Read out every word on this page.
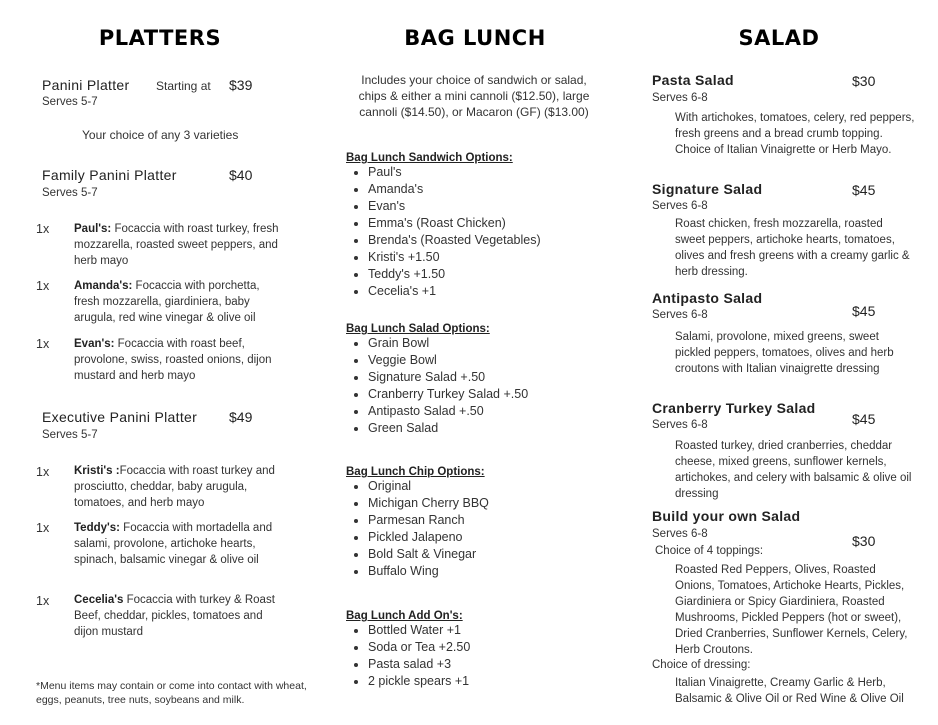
PLATTERS
Panini Platter Starting at $39
Serves 5-7
Your choice of any 3 varieties
Family Panini Platter	$40
Serves 5-7
1x Paul's: Focaccia with roast turkey, fresh mozzarella, roasted sweet peppers, and herb mayo
1x Amanda's: Focaccia with porchetta, fresh mozzarella, giardiniera, baby arugula, red wine vinegar & olive oil
1x Evan's: Focaccia with roast beef, provolone, swiss, roasted onions, dijon mustard and herb mayo
Executive Panini Platter $49
Serves 5-7
1x Kristi's :Focaccia with roast turkey and prosciutto, cheddar, baby arugula, tomatoes, and herb mayo
1x Teddy's: Focaccia with mortadella and salami, provolone, artichoke hearts, spinach, balsamic vinegar & olive oil
1x Cecelia's Focaccia with turkey & Roast Beef, cheddar, pickles, tomatoes and dijon mustard
*Menu items may contain or come into contact with wheat, eggs, peanuts, tree nuts, soybeans and milk.
BAG LUNCH
Includes your choice of sandwich or salad, chips & either a mini cannoli ($12.50), large cannoli ($14.50), or Macaron (GF) ($13.00)
Bag Lunch Sandwich Options:
• Paul's
• Amanda's
• Evan's
• Emma's (Roast Chicken)
• Brenda's (Roasted Vegetables)
• Kristi's +1.50
• Teddy's +1.50
• Cecelia's +1
Bag Lunch Salad Options:
• Grain Bowl
• Veggie Bowl
• Signature Salad +.50
• Cranberry Turkey Salad +.50
• Antipasto Salad +.50
• Green Salad
Bag Lunch Chip Options:
• Original
• Michigan Cherry BBQ
• Parmesan Ranch
• Pickled Jalapeno
• Bold Salt & Vinegar
• Buffalo Wing
Bag Lunch Add On's:
• Bottled Water +1
• Soda or Tea +2.50
• Pasta salad +3
• 2 pickle spears +1
SALAD
Pasta Salad	$30
Serves 6-8
With artichokes, tomatoes, celery, red peppers, fresh greens and a bread crumb topping. Choice of Italian Vinaigrette or Herb Mayo.
Signature Salad	$45
Serves 6-8
Roast chicken, fresh mozzarella, roasted sweet peppers, artichoke hearts, tomatoes, olives and fresh greens with a creamy garlic & herb dressing.
Antipasto Salad
$45
Serves 6-8
Salami, provolone, mixed greens, sweet pickled peppers, tomatoes, olives and herb croutons with Italian vinaigrette dressing
Cranberry Turkey Salad
$45
Serves 6-8
Roasted turkey, dried cranberries, cheddar cheese, mixed greens, sunflower kernels, artichokes, and celery with balsamic & olive oil dressing
Build your own Salad
Serves 6-8	$30
Choice of 4 toppings:
Roasted Red Peppers, Olives, Roasted Onions, Tomatoes, Artichoke Hearts, Pickles, Giardiniera or Spicy Giardiniera, Roasted Mushrooms, Pickled Peppers (hot or sweet), Dried Cranberries, Sunflower Kernels, Celery, Herb Croutons.
Choice of dressing:
Italian Vinaigrette, Creamy Garlic & Herb, Balsamic & Olive Oil or Red Wine & Olive Oil
